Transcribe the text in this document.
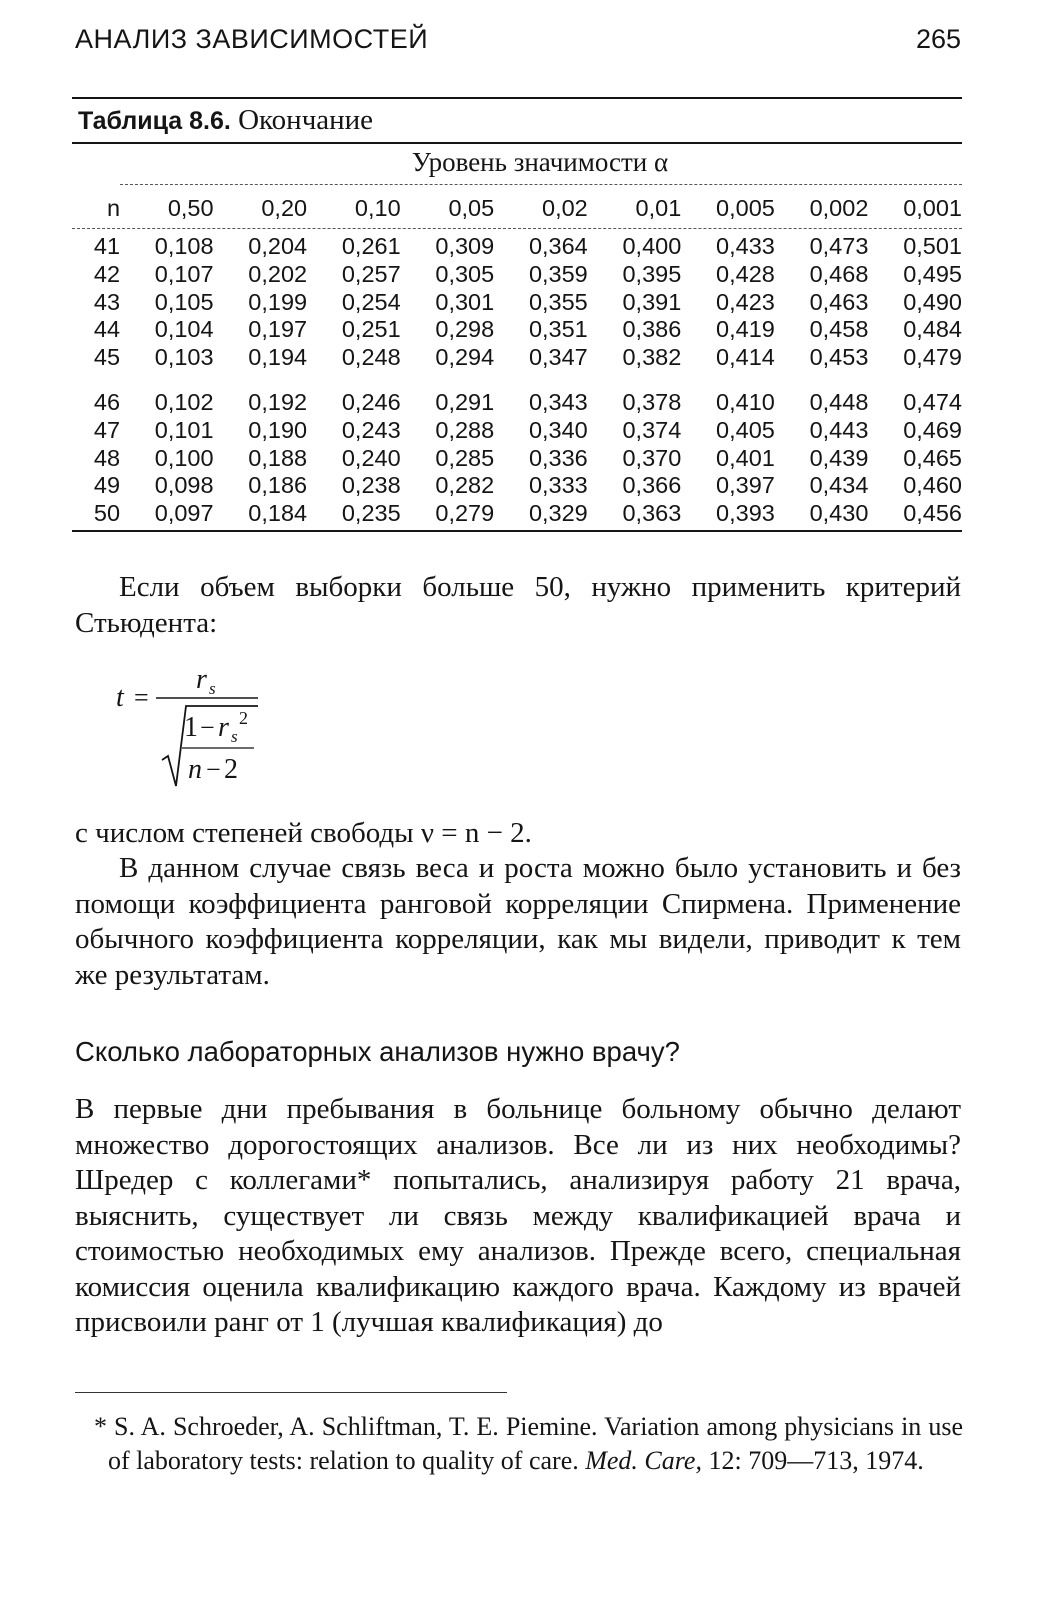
АНАЛИЗ ЗАВИСИМОСТЕЙ	265
Таблица 8.6. Окончание
Уровень значимости α
n	0,50	0,20	0,10	0,05	0,02	0,01	0,005	0,002	0,001
41	0,108	0,204	0,261	0,309	0,364	0,400	0,433	0,473	0,501
42	0,107	0,202	0,257	0,305	0,359	0,395	0,428	0,468	0,495
43	0,105	0,199	0,254	0,301	0,355	0,391	0,423	0,463	0,490
44	0,104	0,197	0,251	0,298	0,351	0,386	0,419	0,458	0,484
45	0,103	0,194	0,248	0,294	0,347	0,382	0,414	0,453	0,479
46	0,102	0,192	0,246	0,291	0,343	0,378	0,410	0,448	0,474
47	0,101	0,190	0,243	0,288	0,340	0,374	0,405	0,443	0,469
48	0,100	0,188	0,240	0,285	0,336	0,370	0,401	0,439	0,465
49	0,098	0,186	0,238	0,282	0,333	0,366	0,397	0,434	0,460
50	0,097	0,184	0,235	0,279	0,329	0,363	0,393	0,430	0,456
Если объем выборки больше 50, нужно применить критерий Стьюдента:
t =
r s
1 − r s
2
n − 2
с числом степеней свободы ν = n − 2.
В данном случае связь веса и роста можно было установить и без помощи коэффициента ранговой корреляции Спирмена. Применение обычного коэффициента корреляции, как мы видели, приводит к тем же результатам.
Сколько лабораторных анализов нужно врачу?
В первые дни пребывания в больнице больному обычно делают множество дорогостоящих анализов. Все ли из них необходимы? Шредер с коллегами* попытались, анализируя работу 21 врача, выяснить, существует ли связь между квалификацией врача и стоимостью необходимых ему анализов. Прежде всего, специальная комиссия оценила квалификацию каждого врача. Каждому из врачей присвоили ранг от 1 (лучшая квалификация) до
* S. A. Schroeder, A. Schliftman, T. E. Piemine. Variation among physicians in use of laboratory tests: relation to quality of care. Med. Care, 12: 709—713, 1974.
